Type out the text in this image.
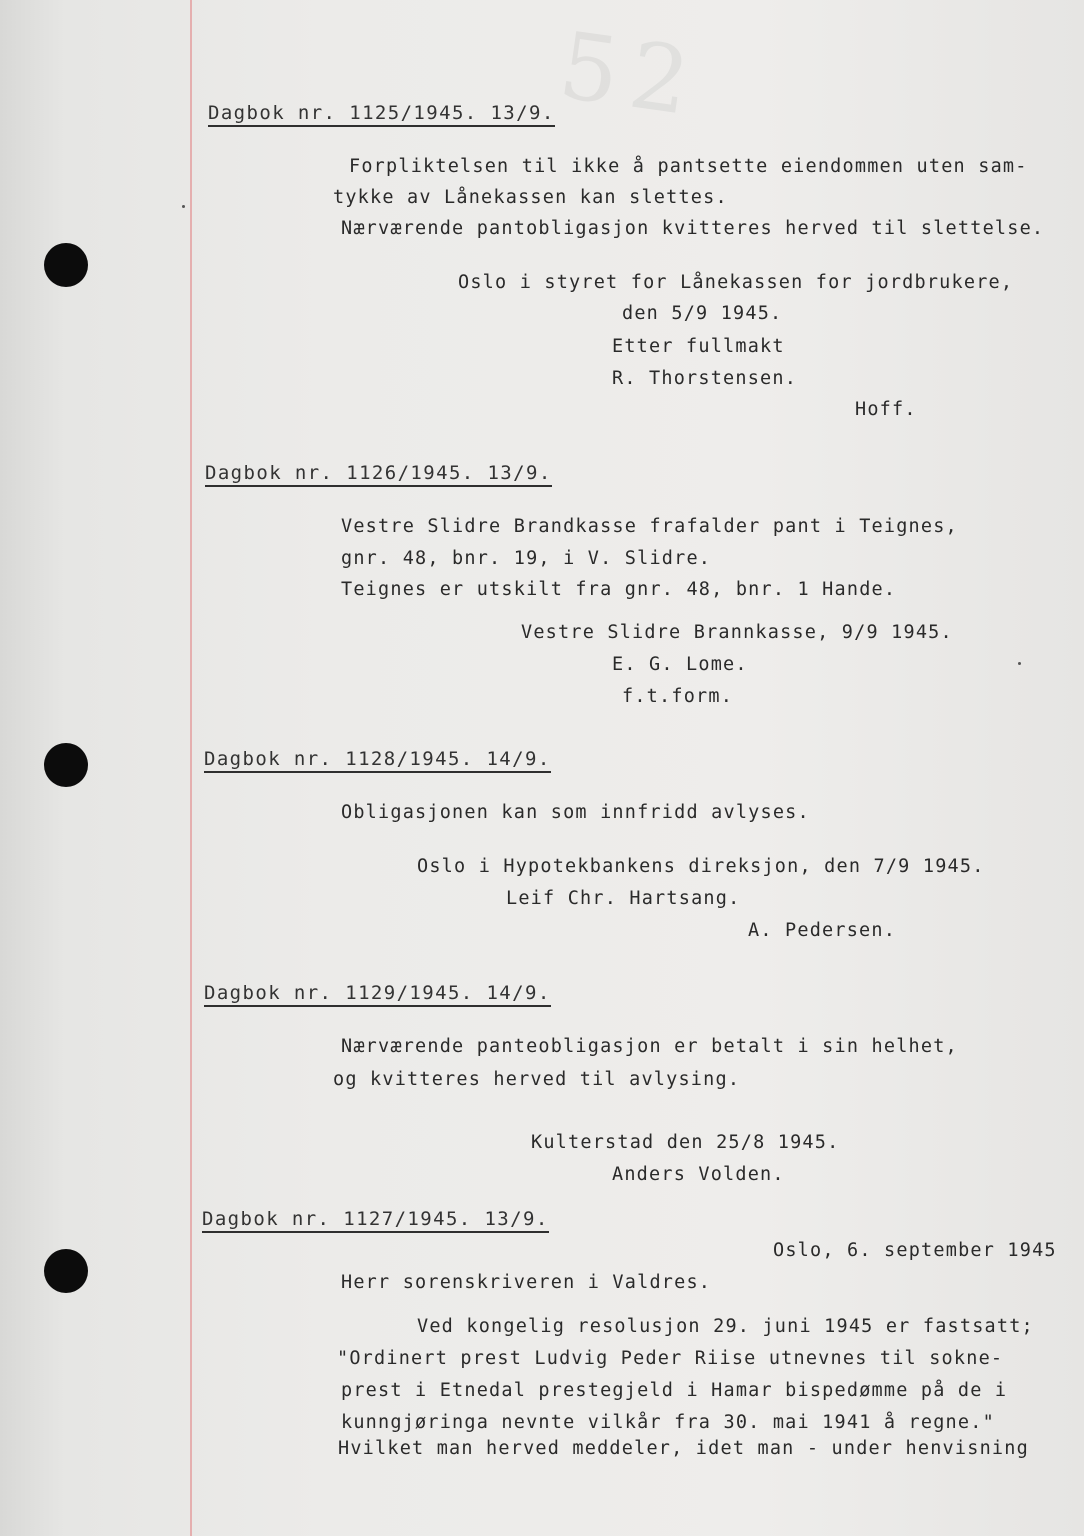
52
Dagbok nr. 1125/1945. 13/9.
Forpliktelsen til ikke å pantsette eiendommen uten sam-
tykke av Lånekassen kan slettes.
Nærværende pantobligasjon kvitteres herved til slettelse.
Oslo i styret for Lånekassen for jordbrukere,
den 5/9 1945.
Etter fullmakt
R. Thorstensen.
Hoff.
Dagbok nr. 1126/1945. 13/9.
Vestre Slidre Brandkasse frafalder pant i Teignes,
gnr. 48, bnr. 19, i V. Slidre.
Teignes er utskilt fra gnr. 48, bnr. 1 Hande.
Vestre Slidre Brannkasse, 9/9 1945.
E. G. Lome.
f.t.form.
Dagbok nr. 1128/1945. 14/9.
Obligasjonen kan som innfridd avlyses.
Oslo i Hypotekbankens direksjon, den 7/9 1945.
Leif Chr. Hartsang.
A. Pedersen.
Dagbok nr. 1129/1945. 14/9.
Nærværende panteobligasjon er betalt i sin helhet,
og kvitteres herved til avlysing.
Kulterstad den 25/8 1945.
Anders Volden.
Dagbok nr. 1127/1945. 13/9.
Oslo, 6. september 1945
Herr sorenskriveren i Valdres.
Ved kongelig resolusjon 29. juni 1945 er fastsatt;
"Ordinert prest Ludvig Peder Riise utnevnes til sokne-
prest i Etnedal prestegjeld i Hamar bispedømme på de i
kunngjøringa nevnte vilkår fra 30. mai 1941 å regne."
Hvilket man herved meddeler, idet man - under henvisning
